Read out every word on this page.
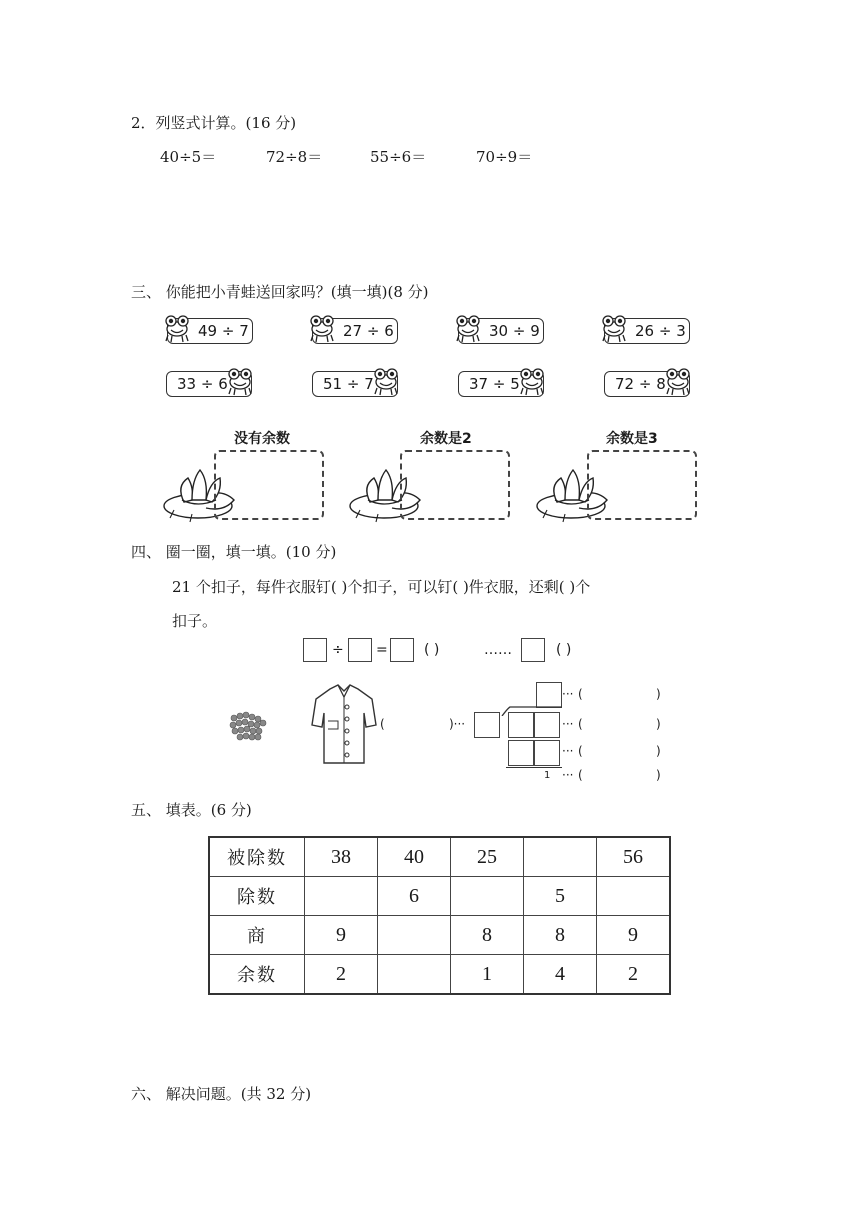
2．列竖式计算。(16 分)
40÷5＝	72÷8＝	55÷6＝	70÷9＝
三、 你能把小青蛙送回家吗？(填一填)(8 分)
49 ÷ 7	27 ÷ 6	30 ÷ 9	26 ÷ 3
33 ÷ 6	51 ÷ 7	37 ÷ 5	72 ÷ 8
没有余数	余数是2	余数是3
四、 圈一圈，填一填。(10 分)
21 个扣子，每件衣服钉( )个扣子，可以钉( )件衣服，还剩( )个
扣子。
÷ =	( )	……	( )
(	)···
1
··· (	)
··· (	)
··· (	)
··· (	)
五、 填表。(6 分)
被除数	38	40	25		56
除数		6		5	
商	9		8	8	9
余数	2		1	4	2
六、 解决问题。(共 32 分)
